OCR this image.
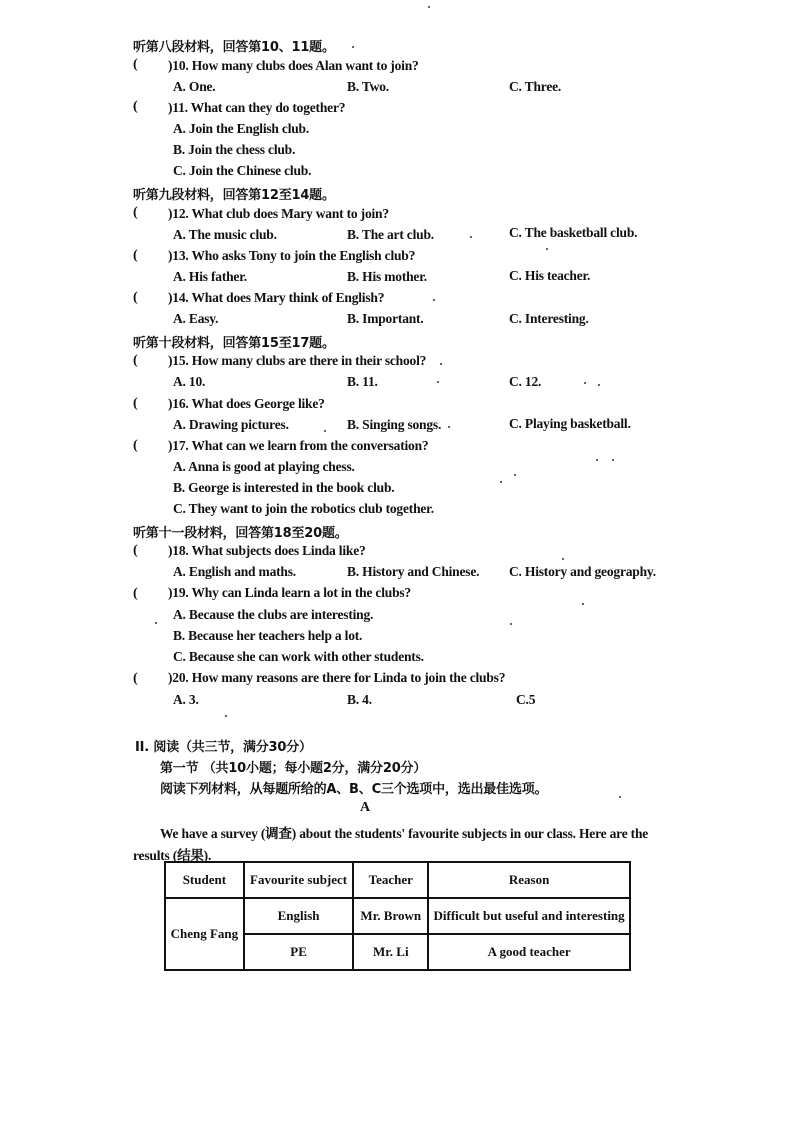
听第八段材料，回答第10、11题。
( )10. How many clubs does Alan want to join?
A. One.	B. Two.	C. Three.
( )11. What can they do together?
A. Join the English club.
B. Join the chess club.
C. Join the Chinese club.
听第九段材料，回答第12至14题。
( )12. What club does Mary want to join?
A. The music club.	B. The art club.	C. The basketball club.
( )13. Who asks Tony to join the English club?
A. His father.	B. His mother.	C. His teacher.
( )14. What does Mary think of English?
A. Easy.	B. Important.	C. Interesting.
听第十段材料，回答第15至17题。
( )15. How many clubs are there in their school?
A. 10.	B. 11.	C. 12.
( )16. What does George like?
A. Drawing pictures.	B. Singing songs.	C. Playing basketball.
( )17. What can we learn from the conversation?
A. Anna is good at playing chess.
B. George is interested in the book club.
C. They want to join the robotics club together.
听第十一段材料，回答第18至20题。
( )18. What subjects does Linda like?
A. English and maths.	B. History and Chinese. C. History and geography.
( )19. Why can Linda learn a lot in the clubs?
A. Because the clubs are interesting.
B. Because her teachers help a lot.
C. Because she can work with other students.
( )20. How many reasons are there for Linda to join the clubs?
A. 3.	B. 4.	C.5
II. 阅读（共三节，满分30分）
第一节 （共10小题；每小题2分，满分20分）
阅读下列材料，从每题所给的A、B、C三个选项中，选出最佳选项。
A
We have a survey (调查) about the students' favourite subjects in our class. Here are the
results (结果).
Student	Favourite subject	Teacher	Reason
Cheng Fang	English	Mr. Brown	Difficult but useful and interesting
	PE	Mr. Li	A good teacher
